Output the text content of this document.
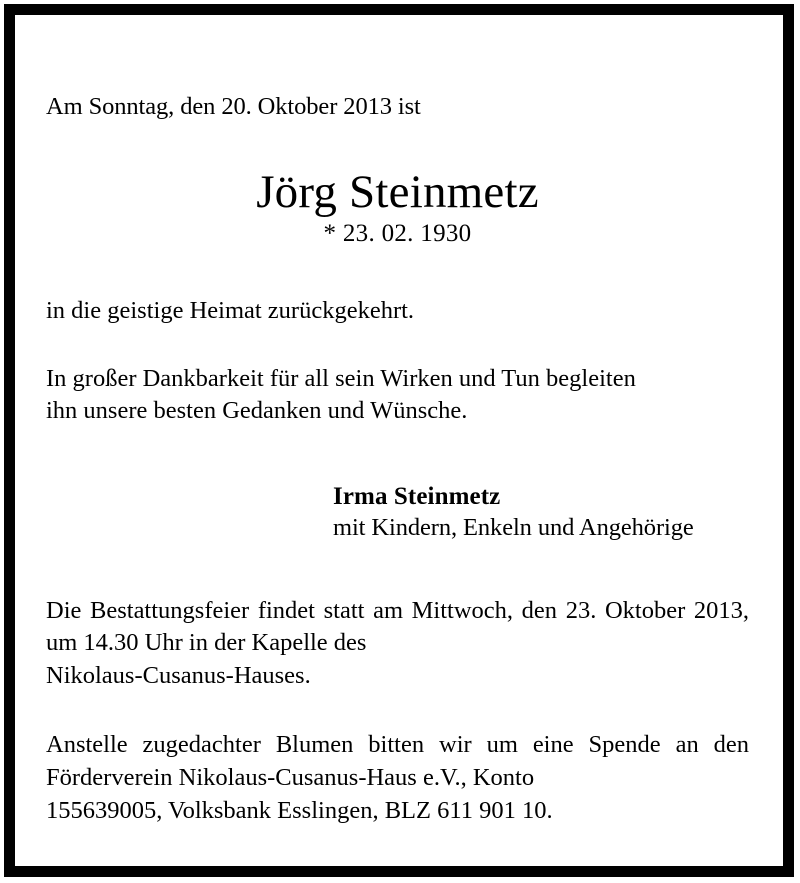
Am Sonntag, den 20. Oktober 2013 ist

Jörg Steinmetz

* 23. 02. 1930

in die geistige Heimat zurückgekehrt.

In großer Dankbarkeit für all sein Wirken und Tun begleiten
ihn unsere besten Gedanken und Wünsche.

Irma Steinmetz

mit Kindern, Enkeln und Angehörige

Die Bestattungsfeier findet statt am Mittwoch, den 23. Oktober 2013, um 14.30 Uhr in der Kapelle des
Nikolaus-Cusanus-Hauses.

Anstelle zugedachter Blumen bitten wir um eine Spende an den Förderverein Nikolaus-Cusanus-Haus e.V., Konto
155639005, Volksbank Esslingen, BLZ 611 901 10.
